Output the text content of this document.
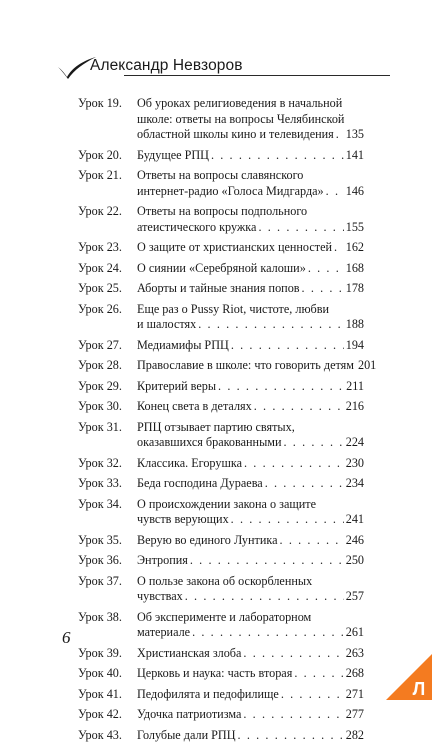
Александр Невзоров
Урок 19. Об уроках религиоведения в начальной
школе: ответы на вопросы Челябинской
областной школы кино и телевидения . . . 135
Урок 20. Будущее РПЦ . . .	141
Урок 21. Ответы на вопросы славянского
интернет-радио «Голоса Мидгарда» . . . 146
Урок 22. Ответы на вопросы подпольного
атеистического кружка . . .	155
Урок 23. О защите от христианских ценностей . . . 162
Урок 24. О сиянии «Серебряной калоши» . . .	168
Урок 25. Аборты и тайные знания попов . . .	178
Урок 26. Еще раз о Pussy Riot, чистоте, любви
и шалостях . . .	188
Урок 27. Медиамифы РПЦ . . .	194
Урок 28. Православие в школе: что говорить детям 201
Урок 29. Критерий веры . . .	211
Урок 30. Конец света в деталях . . .	216
Урок 31. РПЦ отзывает партию святых,
оказавшихся бракованными . . .	224
Урок 32. Классика. Егорушка . . .	230
Урок 33. Беда господина Дураева . . .	234
Урок 34. О происхождении закона о защите
чувств верующих . . .	241
Урок 35. Верую во единого Лунтика . . .	246
Урок 36. Энтропия . . .	250
Урок 37. О пользе закона об оскорбленных
чувствах . . .	257
Урок 38. Об эксперименте и лабораторном
материале . . .	261
Урок 39. Христианская злоба . . .	263
Урок 40. Церковь и наука: часть вторая . . .	268
Урок 41. Педофилята и педофилище . . .	271
Урок 42. Удочка патриотизма . . .	277
Урок 43. Голубые дали РПЦ . . .	282
6
Л
